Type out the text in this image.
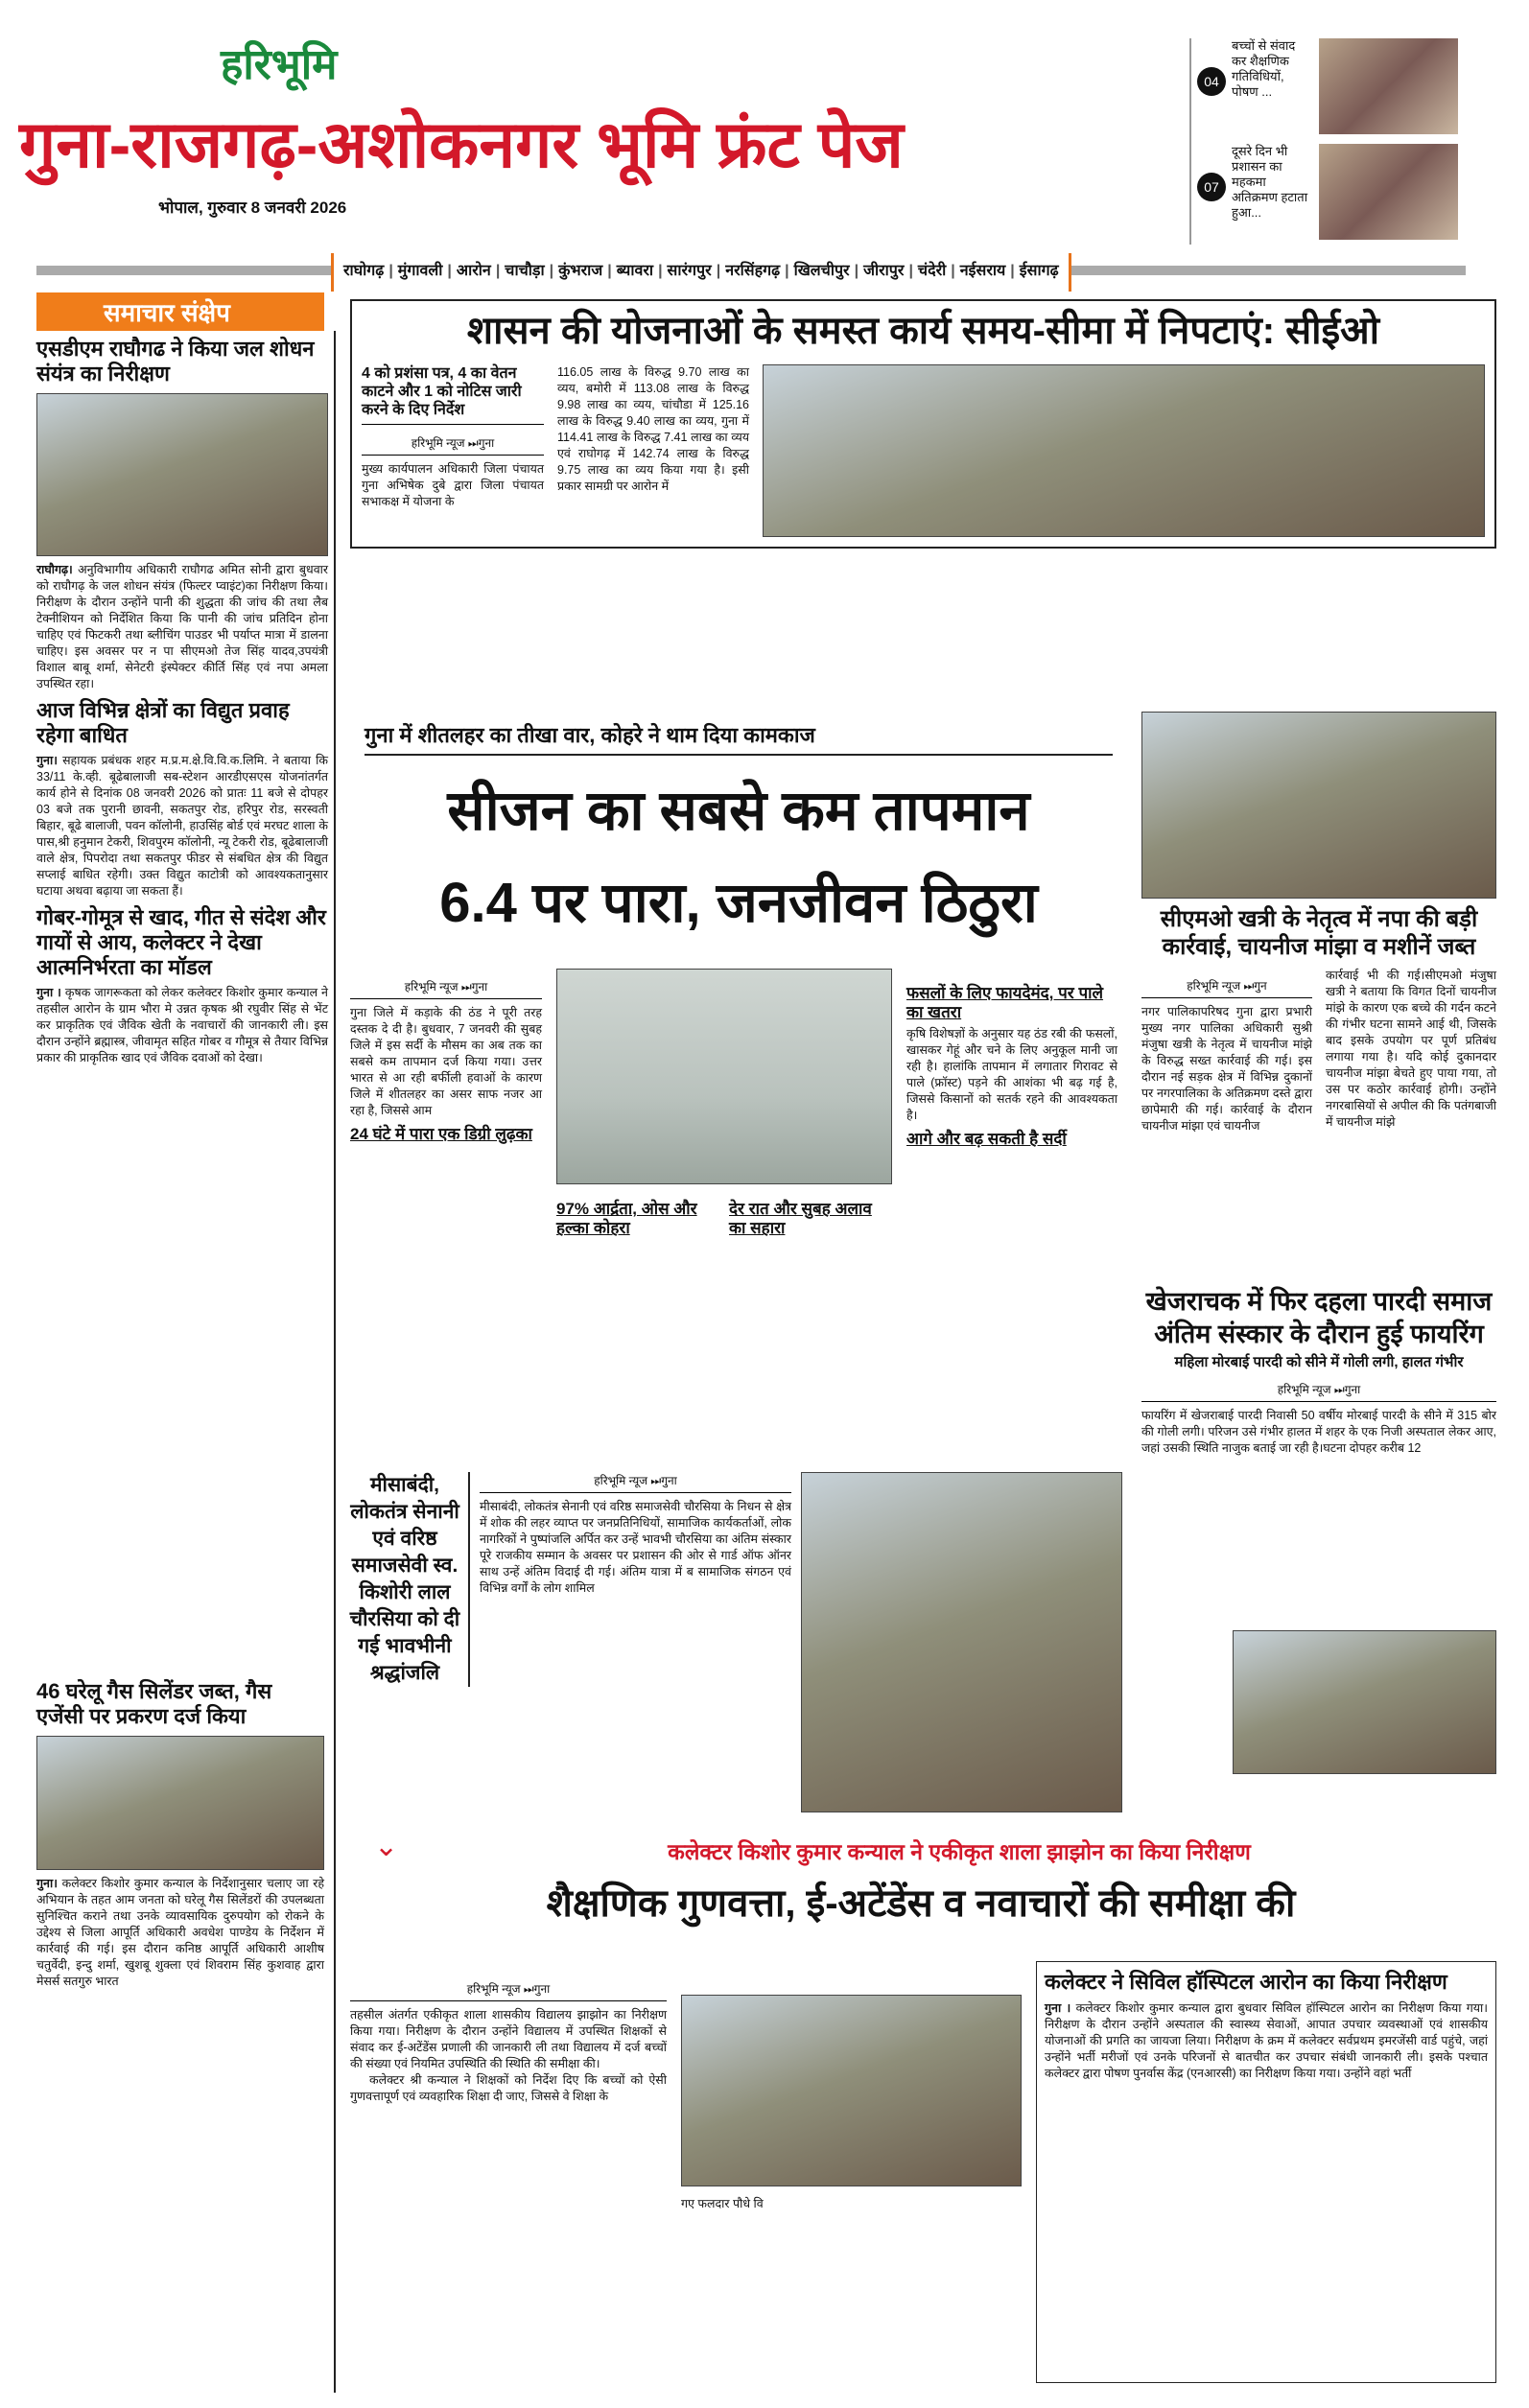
हरिभूमि
गुना-राजगढ़-अशोकनगर भूमि फ्रंट पेज
भोपाल, गुरुवार 8 जनवरी 2026
04
बच्चों से संवाद कर शैक्षणिक गतिविधियों, पोषण ...
07
दूसरे दिन भी प्रशासन का महकमा अतिक्रमण हटाता हुआ...
राघोगढ़ | मुंगावली | आरोन | चाचौड़ा | कुंभराज | ब्यावरा | सारंगपुर | नरसिंहगढ़ | खिलचीपुर | जीरापुर | चंदेरी | नईसराय | ईसागढ़
समाचार संक्षेप
एसडीएम राघौगढ ने किया जल शोधन संयंत्र का निरीक्षण

राघौगढ़। अनुविभागीय अधिकारी राघौगढ अमित सोनी द्वारा बुधवार को राघौगढ़ के जल शोधन संयंत्र (फिल्टर प्वाइंट)का निरीक्षण किया। निरीक्षण के दौरान उन्होंने पानी की शुद्धता की जांच की तथा लैब टेक्नीशियन को निर्देशित किया कि पानी की जांच प्रतिदिन होना चाहिए एवं फिटकरी तथा ब्लीचिंग पाउडर भी पर्याप्त मात्रा में डालना चाहिए। इस अवसर पर न पा सीएमओ तेज सिंह यादव,उपयंत्री विशाल बाबू शर्मा, सेनेटरी इंस्पेक्टर कीर्ति सिंह एवं नपा अमला उपस्थित रहा।

आज विभिन्न क्षेत्रों का विद्युत प्रवाह रहेगा बाधित

गुना। सहायक प्रबंधक शहर म.प्र.म.क्षे.वि.वि.क.लिमि. ने बताया कि 33/11 के.व्ही. बूढेबालाजी सब-स्टेशन आरडीएसएस योजनांतर्गत कार्य होने से दिनांक 08 जनवरी 2026 को प्रातः 11 बजे से दोपहर 03 बजे तक पुरानी छावनी, सकतपुर रोड, हरिपुर रोड, सरस्वती बिहार, बूढे बालाजी, पवन कॉलोनी, हाउसिंह बोर्ड एवं मरघट शाला के पास,श्री हनुमान टेकरी, शिवपुरम कॉलोनी, न्यू टेकरी रोड, बूढेबालाजी वाले क्षेत्र, पिपरोदा तथा सकतपुर फीडर से संबधित क्षेत्र की विद्युत सप्लाई बाधित रहेगी। उक्त विद्युत काटोत्री को आवश्यकतानुसार घटाया अथवा बढ़ाया जा सकता हैं।

गोबर-गोमूत्र से खाद, गीत से संदेश और गायों से आय, कलेक्टर ने देखा आत्मनिर्भरता का मॉडल

गुना । कृषक जागरूकता को लेकर कलेक्टर किशोर कुमार कन्याल ने तहसील आरोन के ग्राम भौरा मे उन्नत कृषक श्री रघुवीर सिंह से भेंट कर प्राकृतिक एवं जैविक खेती के नवाचारों की जानकारी ली। इस दौरान उन्होंने ब्रह्मास्त्र, जीवामृत सहित गोबर व गौमूत्र से तैयार विभिन्न प्रकार की प्राकृतिक खाद एवं जैविक दवाओं को देखा।

46 घरेलू गैस सिलेंडर जब्त, गैस एजेंसी पर प्रकरण दर्ज किया

गुना। कलेक्टर किशोर कुमार कन्याल के निर्देशानुसार चलाए जा रहे अभियान के तहत आम जनता को घरेलू गैस सिलेंडरों की उपलब्धता सुनिश्चित कराने तथा उनके व्यावसायिक दुरुपयोग को रोकने के उद्देश्य से जिला आपूर्ति अधिकारी अवधेश पाण्डेय के निर्देशन में कार्रवाई की गई। इस दौरान कनिष्ठ आपूर्ति अधिकारी आशीष चतुर्वेदी, इन्दु शर्मा, खुशबू शुक्ला एवं शिवराम सिंह कुशवाह द्वारा मेसर्स सतगुरु भारत

शासन की योजनाओं के समस्त कार्य समय-सीमा में निपटाएं: सीईओ
4 को प्रशंसा पत्र, 4 का वेतन काटने और 1 को नोटिस जारी करने के दिए निर्देश
हरिभूमि न्यूज ⏭गुना

मुख्य कार्यपालन अधिकारी जिला पंचायत गुना अभिषेक दुबे द्वारा जिला पंचायत सभाकक्ष में योजना के

116.05 लाख के विरुद्ध 9.70 लाख का व्यय, बमोरी में 113.08 लाख के विरुद्ध 9.98 लाख का व्यय, चांचौडा में 125.16 लाख के विरुद्ध 9.40 लाख का व्यय, गुना में 114.41 लाख के विरुद्ध 7.41 लाख का व्यय एवं राघोगढ़ में 142.74 लाख के विरुद्ध 9.75 लाख का व्यय किया गया है। इसी प्रकार सामग्री पर आरोन में

गुना में शीतलहर का तीखा वार, कोहरे ने थाम दिया कामकाज
सीजन का सबसे कम तापमान
6.4 पर पारा, जनजीवन ठिठुरा
हरिभूमि न्यूज ⏭गुना

गुना जिले में कड़ाके की ठंड ने पूरी तरह दस्तक दे दी है। बुधवार, 7 जनवरी की सुबह जिले में इस सर्दी के मौसम का अब तक का सबसे कम तापमान दर्ज किया गया। उत्तर भारत से आ रही बर्फीली हवाओं के कारण जिले में शीतलहर का असर साफ नजर आ रहा है, जिससे आम

24 घंटे में पारा एक डिग्री लुढ़का
97% आर्द्रता, ओस और हल्का कोहरा
देर रात और सुबह अलाव का सहारा
फसलों के लिए फायदेमंद, पर पाले का खतरा

कृषि विशेषज्ञों के अनुसार यह ठंड रबी की फसलों, खासकर गेहूं और चने के लिए अनुकूल मानी जा रही है। हालांकि तापमान में लगातार गिरावट से पाले (फ्रॉस्ट) पड़ने की आशंका भी बढ़ गई है, जिससे किसानों को सतर्क रहने की आवश्यकता है।

आगे और बढ़ सकती है सर्दी
सीएमओ खत्री के नेतृत्व में नपा की बड़ी कार्रवाई, चायनीज मांझा व मशीनें जब्त
हरिभूमि न्यूज ⏭गुन

नगर पालिकापरिषद गुना द्वारा प्रभारी मुख्य नगर पालिका अधिकारी सुश्री मंजुषा खत्री के नेतृत्व में चायनीज मांझे के विरुद्ध सख्त कार्रवाई की गई। इस दौरान नई सड़क क्षेत्र में विभिन्न दुकानों पर नगरपालिका के अतिक्रमण दस्ते द्वारा छापेमारी की गई। कार्रवाई के दौरान चायनीज मांझा एवं चायनीज

कार्रवाई भी की गई।सीएमओ मंजुषा खत्री ने बताया कि विगत दिनों चायनीज मांझे के कारण एक बच्चे की गर्दन कटने की गंभीर घटना सामने आई थी, जिसके बाद इसके उपयोग पर पूर्ण प्रतिबंध लगाया गया है। यदि कोई दुकानदार चायनीज मांझा बेचते हुए पाया गया, तो उस पर कठोर कार्रवाई होगी। उन्होंने नगरबासियों से अपील की कि पतंगबाजी में चायनीज मांझे

खेजराचक में फिर दहला पारदी समाज अंतिम संस्कार के दौरान हुई फायरिंग
महिला मोरबाई पारदी को सीने में गोली लगी, हालत गंभीर
हरिभूमि न्यूज ⏭गुना

फायरिंग में खेजराबाई पारदी निवासी 50 वर्षीय मोरबाई पारदी के सीने में 315 बोर की गोली लगी। परिजन उसे गंभीर हालत में शहर के एक निजी अस्पताल लेकर आए, जहां उसकी स्थिति नाजुक बताई जा रही है।घटना दोपहर करीब 12

मीसाबंदी, लोकतंत्र सेनानी एवं वरिष्ठ समाजसेवी स्व. किशोरी लाल चौरसिया को दी गई भावभीनी श्रद्धांजलि
हरिभूमि न्यूज ⏭गुना

मीसाबंदी, लोकतंत्र सेनानी एवं वरिष्ठ समाजसेवी चौरसिया के निधन से क्षेत्र में शोक की लहर व्याप्त पर जनप्रतिनिधियों, सामाजिक कार्यकर्ताओं, लोक नागरिकों ने पुष्पांजलि अर्पित कर उन्हें भावभी चौरसिया का अंतिम संस्कार पूरे राजकीय सम्मान के अवसर पर प्रशासन की ओर से गार्ड ऑफ ऑनर साथ उन्हें अंतिम विदाई दी गई। अंतिम यात्रा में ब सामाजिक संगठन एवं विभिन्न वर्गों के लोग शामिल

⌄	कलेक्टर किशोर कुमार कन्याल ने एकीकृत शाला झाझोन का किया निरीक्षण
शैक्षणिक गुणवत्ता, ई-अटेंडेंस व नवाचारों की समीक्षा की
हरिभूमि न्यूज ⏭गुना

तहसील अंतर्गत एकीकृत शाला शासकीय विद्यालय झाझोन का निरीक्षण किया गया। निरीक्षण के दौरान उन्होंने विद्यालय में उपस्थित शिक्षकों से संवाद कर ई-अटेंडेंस प्रणाली की जानकारी ली तथा विद्यालय में दर्ज बच्चों की संख्या एवं नियमित उपस्थिति की स्थिति की समीक्षा की।

कलेक्टर श्री कन्याल ने शिक्षकों को निर्देश दिए कि बच्चों को ऐसी गुणवत्तापूर्ण एवं व्यवहारिक शिक्षा दी जाए, जिससे वे शिक्षा के

गए फलदार पौधे वि

कलेक्टर ने सिविल हॉस्पिटल आरोन का किया निरीक्षण

गुना । कलेक्टर किशोर कुमार कन्याल द्वारा बुधवार सिविल हॉस्पिटल आरोन का निरीक्षण किया गया। निरीक्षण के दौरान उन्होंने अस्पताल की स्वास्थ्य सेवाओं, आपात उपचार व्यवस्थाओं एवं शासकीय योजनाओं की प्रगति का जायजा लिया। निरीक्षण के क्रम में कलेक्टर सर्वप्रथम इमरजेंसी वार्ड पहुंचे, जहां उन्होंने भर्ती मरीजों एवं उनके परिजनों से बातचीत कर उपचार संबंधी जानकारी ली। इसके पश्चात कलेक्टर द्वारा पोषण पुनर्वास केंद्र (एनआरसी) का निरीक्षण किया गया। उन्होंने वहां भर्ती
